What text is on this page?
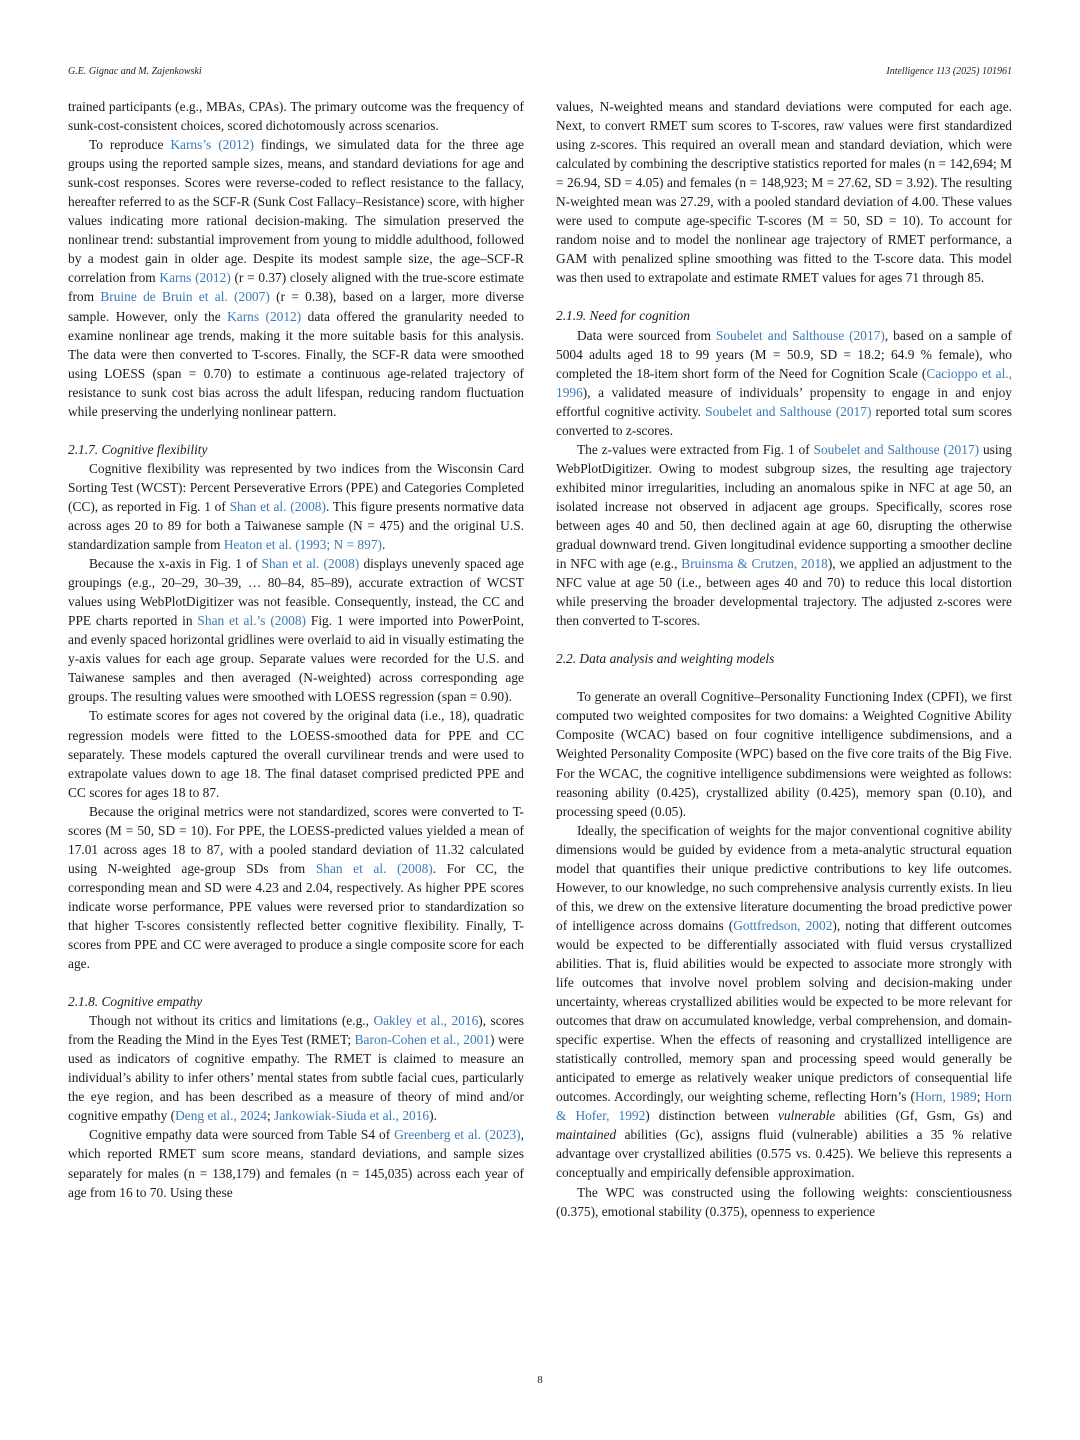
G.E. Gignac and M. Zajenkowski	Intelligence 113 (2025) 101961

trained participants (e.g., MBAs, CPAs). The primary outcome was the frequency of sunk-cost-consistent choices, scored dichotomously across scenarios.

To reproduce Karns’s (2012) findings, we simulated data for the three age groups using the reported sample sizes, means, and standard deviations for age and sunk-cost responses. Scores were reverse-coded to reflect resistance to the fallacy, hereafter referred to as the SCF-R (Sunk Cost Fallacy–Resistance) score, with higher values indicating more rational decision-making. The simulation preserved the nonlinear trend: substantial improvement from young to middle adulthood, followed by a modest gain in older age. Despite its modest sample size, the age–SCF-R correlation from Karns (2012) (r = 0.37) closely aligned with the true-score estimate from Bruine de Bruin et al. (2007) (r = 0.38), based on a larger, more diverse sample. However, only the Karns (2012) data offered the granularity needed to examine nonlinear age trends, making it the more suitable basis for this analysis. The data were then converted to T-scores. Finally, the SCF-R data were smoothed using LOESS (span = 0.70) to estimate a continuous age-related trajectory of resistance to sunk cost bias across the adult lifespan, reducing random fluctuation while preserving the underlying nonlinear pattern.

2.1.7. Cognitive flexibility

Cognitive flexibility was represented by two indices from the Wisconsin Card Sorting Test (WCST): Percent Perseverative Errors (PPE) and Categories Completed (CC), as reported in Fig. 1 of Shan et al. (2008). This figure presents normative data across ages 20 to 89 for both a Taiwanese sample (N = 475) and the original U.S. standardization sample from Heaton et al. (1993; N = 897).

Because the x-axis in Fig. 1 of Shan et al. (2008) displays unevenly spaced age groupings (e.g., 20–29, 30–39, … 80–84, 85–89), accurate extraction of WCST values using WebPlotDigitizer was not feasible. Consequently, instead, the CC and PPE charts reported in Shan et al.’s (2008) Fig. 1 were imported into PowerPoint, and evenly spaced horizontal gridlines were overlaid to aid in visually estimating the y-axis values for each age group. Separate values were recorded for the U.S. and Taiwanese samples and then averaged (N-weighted) across corresponding age groups. The resulting values were smoothed with LOESS regression (span = 0.90).

To estimate scores for ages not covered by the original data (i.e., 18), quadratic regression models were fitted to the LOESS-smoothed data for PPE and CC separately. These models captured the overall curvilinear trends and were used to extrapolate values down to age 18. The final dataset comprised predicted PPE and CC scores for ages 18 to 87.

Because the original metrics were not standardized, scores were converted to T-scores (M = 50, SD = 10). For PPE, the LOESS-predicted values yielded a mean of 17.01 across ages 18 to 87, with a pooled standard deviation of 11.32 calculated using N-weighted age-group SDs from Shan et al. (2008). For CC, the corresponding mean and SD were 4.23 and 2.04, respectively. As higher PPE scores indicate worse performance, PPE values were reversed prior to standardization so that higher T-scores consistently reflected better cognitive flexibility. Finally, T-scores from PPE and CC were averaged to produce a single composite score for each age.

2.1.8. Cognitive empathy

Though not without its critics and limitations (e.g., Oakley et al., 2016), scores from the Reading the Mind in the Eyes Test (RMET; Baron-Cohen et al., 2001) were used as indicators of cognitive empathy. The RMET is claimed to measure an individual’s ability to infer others’ mental states from subtle facial cues, particularly the eye region, and has been described as a measure of theory of mind and/or cognitive empathy (Deng et al., 2024; Jankowiak-Siuda et al., 2016).

Cognitive empathy data were sourced from Table S4 of Greenberg et al. (2023), which reported RMET sum score means, standard deviations, and sample sizes separately for males (n = 138,179) and females (n = 145,035) across each year of age from 16 to 70. Using these

values, N-weighted means and standard deviations were computed for each age. Next, to convert RMET sum scores to T-scores, raw values were first standardized using z-scores. This required an overall mean and standard deviation, which were calculated by combining the descriptive statistics reported for males (n = 142,694; M = 26.94, SD = 4.05) and females (n = 148,923; M = 27.62, SD = 3.92). The resulting N-weighted mean was 27.29, with a pooled standard deviation of 4.00. These values were used to compute age-specific T-scores (M = 50, SD = 10). To account for random noise and to model the nonlinear age trajectory of RMET performance, a GAM with penalized spline smoothing was fitted to the T-score data. This model was then used to extrapolate and estimate RMET values for ages 71 through 85.

2.1.9. Need for cognition

Data were sourced from Soubelet and Salthouse (2017), based on a sample of 5004 adults aged 18 to 99 years (M = 50.9, SD = 18.2; 64.9 % female), who completed the 18-item short form of the Need for Cognition Scale (Cacioppo et al., 1996), a validated measure of individuals’ propensity to engage in and enjoy effortful cognitive activity. Soubelet and Salthouse (2017) reported total sum scores converted to z-scores.

The z-values were extracted from Fig. 1 of Soubelet and Salthouse (2017) using WebPlotDigitizer. Owing to modest subgroup sizes, the resulting age trajectory exhibited minor irregularities, including an anomalous spike in NFC at age 50, an isolated increase not observed in adjacent age groups. Specifically, scores rose between ages 40 and 50, then declined again at age 60, disrupting the otherwise gradual downward trend. Given longitudinal evidence supporting a smoother decline in NFC with age (e.g., Bruinsma & Crutzen, 2018), we applied an adjustment to the NFC value at age 50 (i.e., between ages 40 and 70) to reduce this local distortion while preserving the broader developmental trajectory. The adjusted z-scores were then converted to T-scores.

2.2. Data analysis and weighting models

To generate an overall Cognitive–Personality Functioning Index (CPFI), we first computed two weighted composites for two domains: a Weighted Cognitive Ability Composite (WCAC) based on four cognitive intelligence subdimensions, and a Weighted Personality Composite (WPC) based on the five core traits of the Big Five. For the WCAC, the cognitive intelligence subdimensions were weighted as follows: reasoning ability (0.425), crystallized ability (0.425), memory span (0.10), and processing speed (0.05).

Ideally, the specification of weights for the major conventional cognitive ability dimensions would be guided by evidence from a meta-analytic structural equation model that quantifies their unique predictive contributions to key life outcomes. However, to our knowledge, no such comprehensive analysis currently exists. In lieu of this, we drew on the extensive literature documenting the broad predictive power of intelligence across domains (Gottfredson, 2002), noting that different outcomes would be expected to be differentially associated with fluid versus crystallized abilities. That is, fluid abilities would be expected to associate more strongly with life outcomes that involve novel problem solving and decision-making under uncertainty, whereas crystallized abilities would be expected to be more relevant for outcomes that draw on accumulated knowledge, verbal comprehension, and domain-specific expertise. When the effects of reasoning and crystallized intelligence are statistically controlled, memory span and processing speed would generally be anticipated to emerge as relatively weaker unique predictors of consequential life outcomes. Accordingly, our weighting scheme, reflecting Horn’s (Horn, 1989; Horn & Hofer, 1992) distinction between vulnerable abilities (Gf, Gsm, Gs) and maintained abilities (Gc), assigns fluid (vulnerable) abilities a 35 % relative advantage over crystallized abilities (0.575 vs. 0.425). We believe this represents a conceptually and empirically defensible approximation.

The WPC was constructed using the following weights: conscientiousness (0.375), emotional stability (0.375), openness to experience

8
